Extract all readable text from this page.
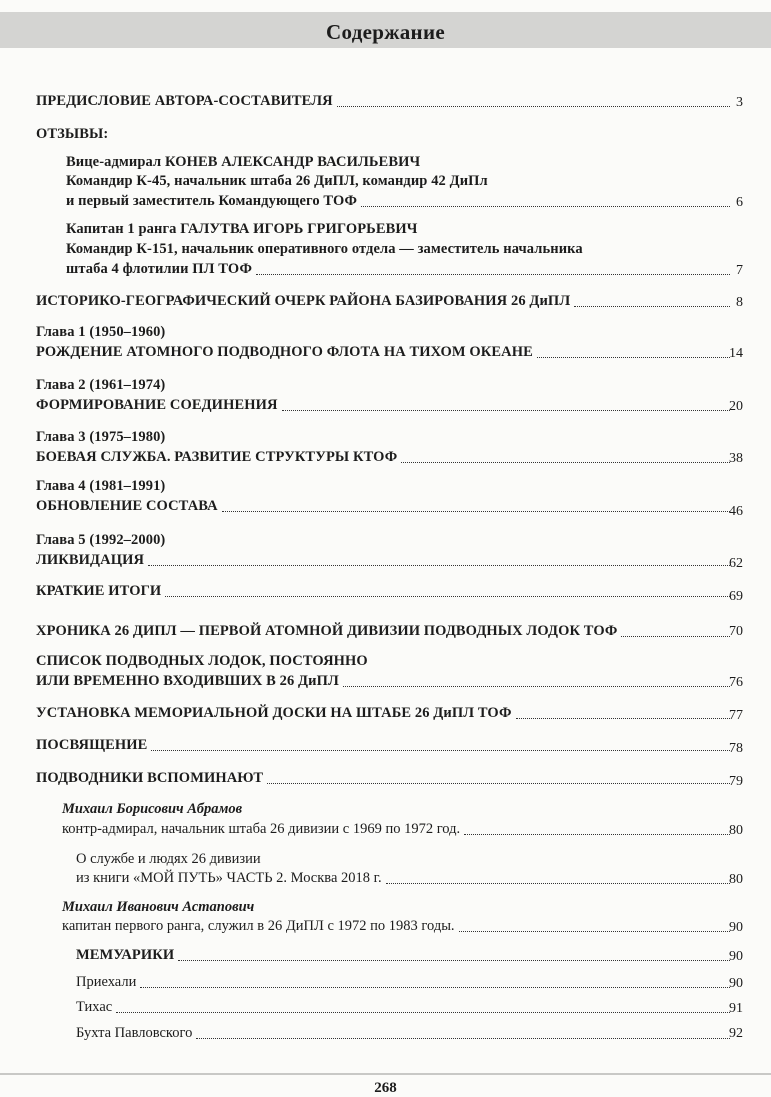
Содержание
ПРЕДИСЛОВИЕ АВТОРА-СОСТАВИТЕЛЯ	3
ОТЗЫВЫ:
Вице-адмирал КОНЕВ АЛЕКСАНДР ВАСИЛЬЕВИЧ
Командир К-45, начальник штаба 26 ДиПЛ, командир 42 ДиПл
и первый заместитель Командующего ТОФ	6
Капитан 1 ранга ГАЛУТВА ИГОРЬ ГРИГОРЬЕВИЧ
Командир К-151, начальник оперативного отдела — заместитель начальника
штаба 4 флотилии ПЛ ТОФ	7
ИСТОРИКО-ГЕОГРАФИЧЕСКИЙ ОЧЕРК РАЙОНА БАЗИРОВАНИЯ 26 ДиПЛ	8
Глава 1 (1950–1960)
РОЖДЕНИЕ АТОМНОГО ПОДВОДНОГО ФЛОТА НА ТИХОМ ОКЕАНЕ	14
Глава 2 (1961–1974)
ФОРМИРОВАНИЕ СОЕДИНЕНИЯ	20
Глава 3 (1975–1980)
БОЕВАЯ СЛУЖБА. РАЗВИТИЕ СТРУКТУРЫ КТОФ	38
Глава 4 (1981–1991)
ОБНОВЛЕНИЕ СОСТАВА	46
Глава 5 (1992–2000)
ЛИКВИДАЦИЯ	62
КРАТКИЕ ИТОГИ	69
ХРОНИКА 26 ДИПЛ — ПЕРВОЙ АТОМНОЙ ДИВИЗИИ ПОДВОДНЫХ ЛОДОК ТОФ	70
СПИСОК ПОДВОДНЫХ ЛОДОК, ПОСТОЯННО
ИЛИ ВРЕМЕННО ВХОДИВШИХ В 26 ДиПЛ	76
УСТАНОВКА МЕМОРИАЛЬНОЙ ДОСКИ НА ШТАБЕ 26 ДиПЛ ТОФ	77
ПОСВЯЩЕНИЕ	78
ПОДВОДНИКИ ВСПОМИНАЮТ	79
Михаил Борисович Абрамов
контр-адмирал, начальник штаба 26 дивизии с 1969 по 1972 год.	80
О службе и людях 26 дивизии
из книги «МОЙ ПУТЬ» ЧАСТЬ 2. Москва 2018 г.	80
Михаил Иванович Астапович
капитан первого ранга, служил в 26 ДиПЛ с 1972 по 1983 годы.	90
МЕМУАРИКИ	90
Приехали	90
Тихас	91
Бухта Павловского	92
268
